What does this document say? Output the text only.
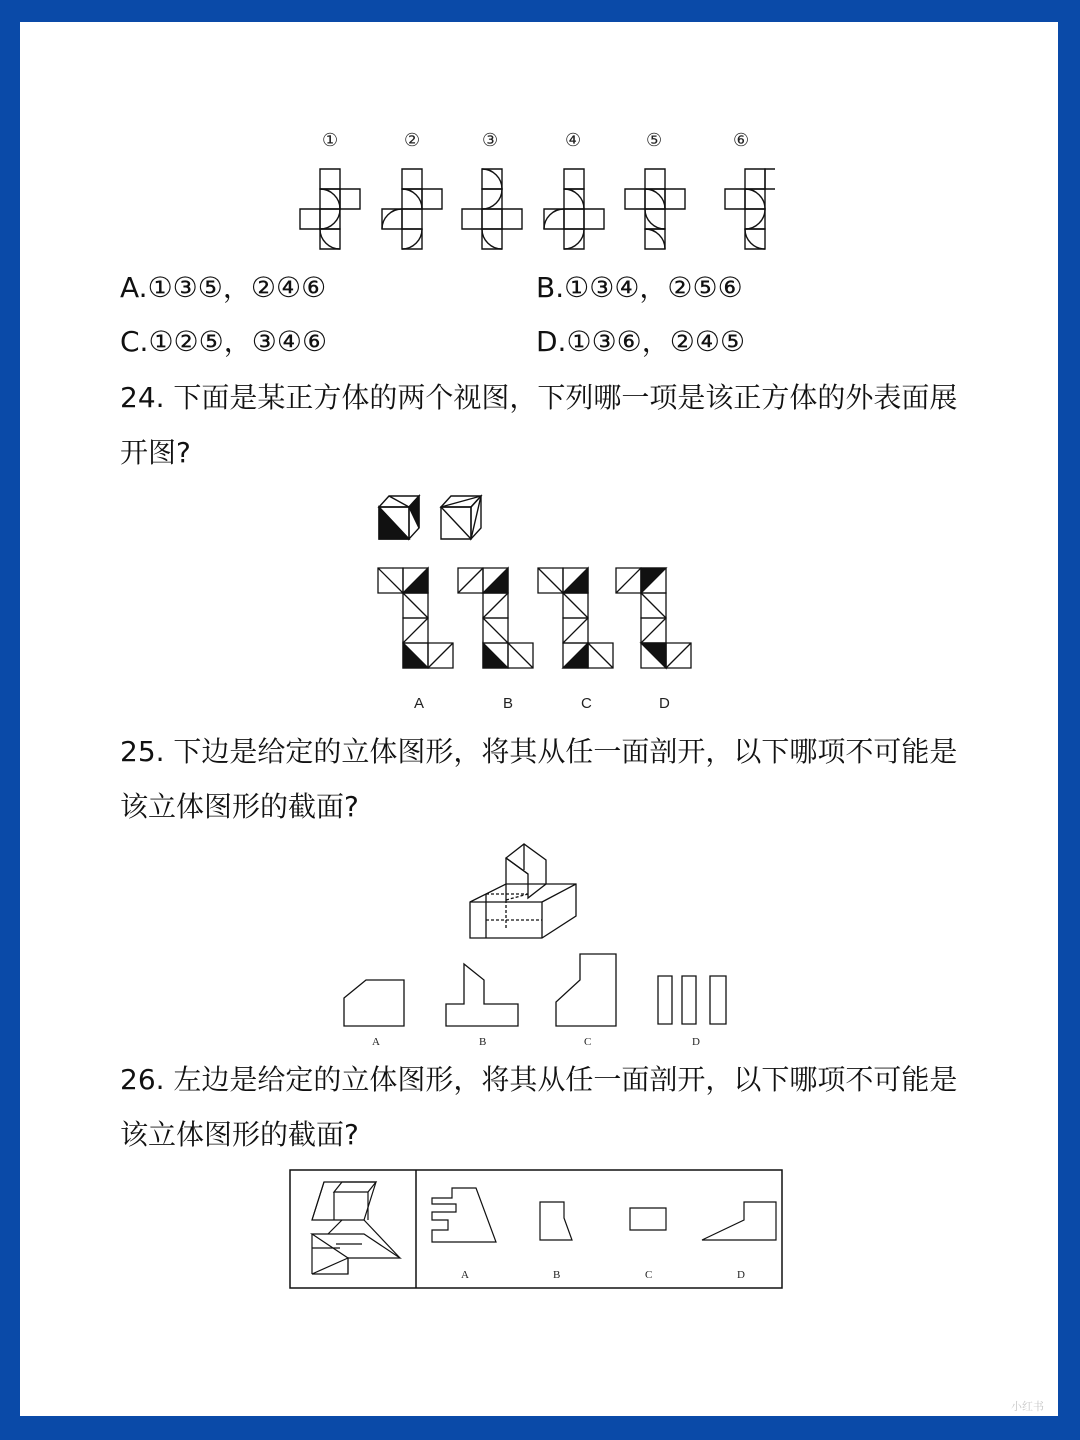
①	②	③	④	⑤	⑥
A.①③⑤，②④⑥	B.①③④，②⑤⑥
C.①②⑤，③④⑥	D.①③⑥，②④⑤
24. 下面是某正方体的两个视图，下列哪一项是该正方体的外表面展
开图?
A	B	C	D
25. 下边是给定的立体图形，将其从任一面剖开，以下哪项不可能是
该立体图形的截面?
A	B	C	D
26. 左边是给定的立体图形，将其从任一面剖开，以下哪项不可能是
该立体图形的截面?
A	B	C	D
小红书
